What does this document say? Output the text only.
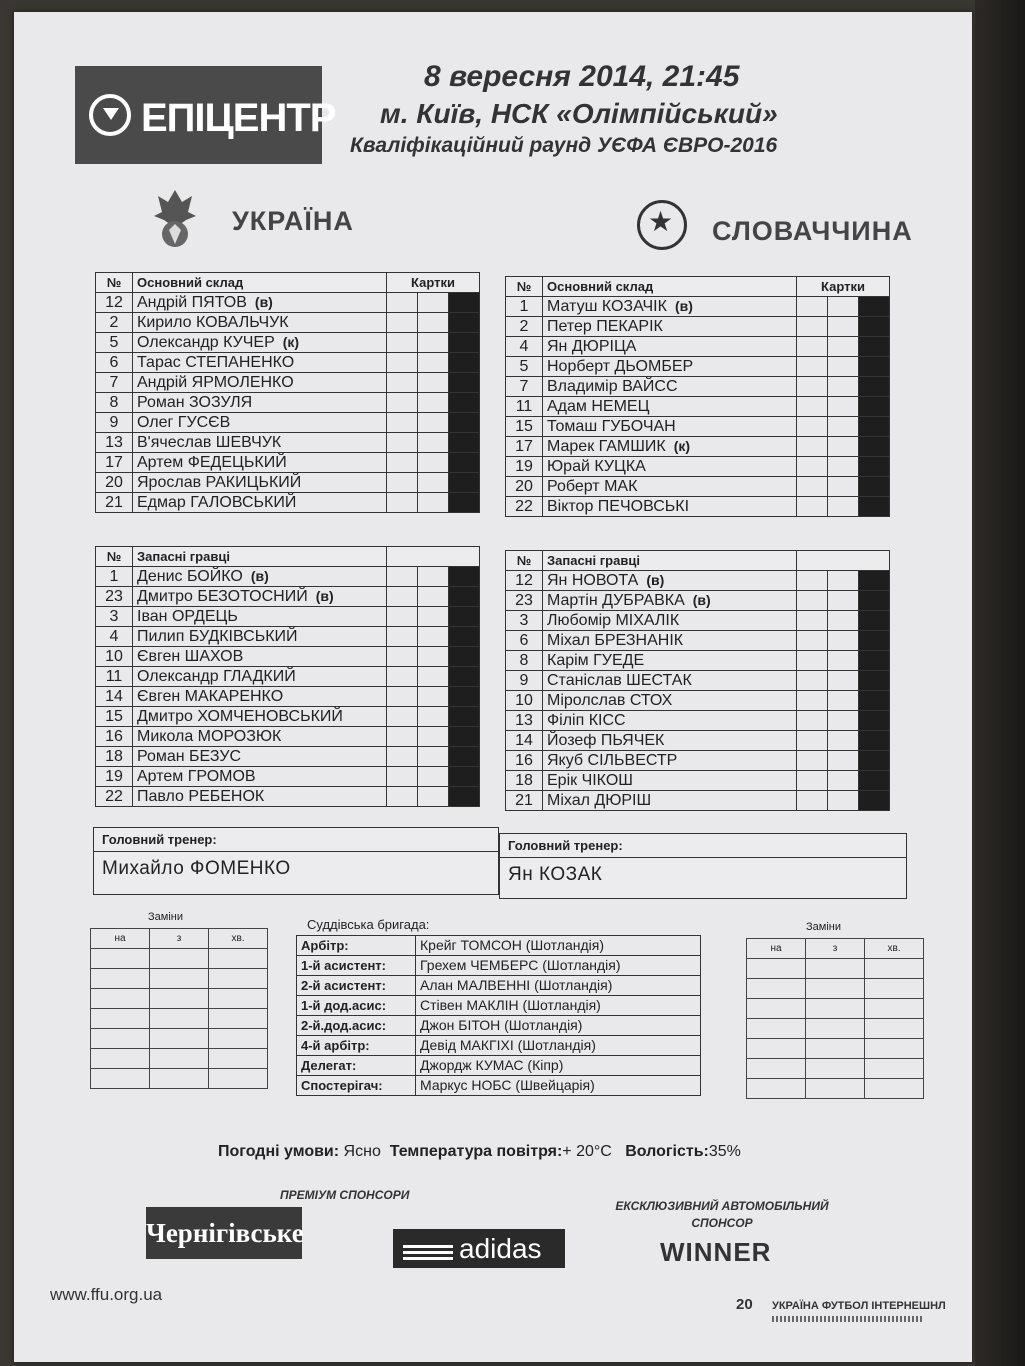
ЕПІЦЕНТР
8 вересня 2014, 21:45
м. Київ, НСК «Олімпійський»
Кваліфікаційний раунд УЄФА ЄВРО-2016
УКРАЇНА ★	СЛОВАЧЧИНА
№	Основний склад	Картки		
12	Андрій ПЯТОВ (в)			
2	Кирило КОВАЛЬЧУК			
5	Олександр КУЧЕР (к)			
6	Тарас СТЕПАНЕНКО			
7	Андрій ЯРМОЛЕНКО			
8	Роман ЗОЗУЛЯ			
9	Олег ГУСЄВ			
13	В'ячеслав ШЕВЧУК			
17	Артем ФЕДЕЦЬКИЙ			
20	Ярослав РАКИЦЬКИЙ			
21	Едмар ГАЛОВСЬКИЙ			
№	Запасні гравці			
1	Денис БОЙКО (в)			
23	Дмитро БЕЗОТОСНИЙ (в)			
3	Іван ОРДЕЦЬ			
4	Пилип БУДКІВСЬКИЙ			
10	Євген ШАХОВ			
11	Олександр ГЛАДКИЙ			
14	Євген МАКАРЕНКО			
15	Дмитро ХОМЧЕНОВСЬКИЙ			
16	Микола МОРОЗЮК			
18	Роман БЕЗУС			
19	Артем ГРОМОВ			
22	Павло РЕБЕНОК			
№	Основний склад	Картки		
1	Матуш КОЗАЧІК (в)			
2	Петер ПЕКАРІК			
4	Ян ДЮРІЦА			
5	Норберт ДЬОМБЕР			
7	Владимір ВАЙСС			
11	Адам НЕМЕЦ			
15	Томаш ГУБОЧАН			
17	Марек ГАМШИК (к)			
19	Юрай КУЦКА			
20	Роберт МАК			
22	Віктор ПЕЧОВСЬКІ			
№	Запасні гравці			
12	Ян НОВОТА (в)			
23	Мартін ДУБРАВКА (в)			
3	Любомір МІХАЛІК			
6	Міхал БРЕЗНАНІК			
8	Карім ГУЕДЕ			
9	Станіслав ШЕСТАК			
10	Міролслав СТОХ			
13	Філіп КІСС			
14	Йозеф ПЬЯЧЕК			
16	Якуб СІЛЬВЕСТР			
18	Ерік ЧІКОШ			
21	Міхал ДЮРІШ			
Головний тренер:
Михайло ФОМЕНКО
Головний тренер:
Ян КОЗАК
Заміни
на	з	хв.

Заміни
на	з	хв.

Суддівська бригада:
Арбітр:	Крейг ТОМСОН (Шотландія)
1-й асистент:	Грехем ЧЕМБЕРС (Шотландія)
2-й асистент:	Алан МАЛВЕННІ (Шотландія)
1-й дод.асис:	Стівен МАКЛІН (Шотландія)
2-й.дод.асис:	Джон БІТОН (Шотландія)
4-й арбітр:	Девід МАКГІХІ (Шотландія)
Делегат:	Джордж КУМАС (Кіпр)
Спостерігач:	Маркус НОБС (Швейцарія)
Погодні умови: Ясно Температура повітря:+ 20°С Вологість:35%
ПРЕМІУМ СПОНСОРИ
ЕКСКЛЮЗИВНИЙ АВТОМОБІЛЬНИЙ СПОНСОР
Чернігівське	adidas	WINNER
www.ffu.org.ua
20	УКРАЇНА ФУТБОЛ ІНТЕРНЕШНЛ
